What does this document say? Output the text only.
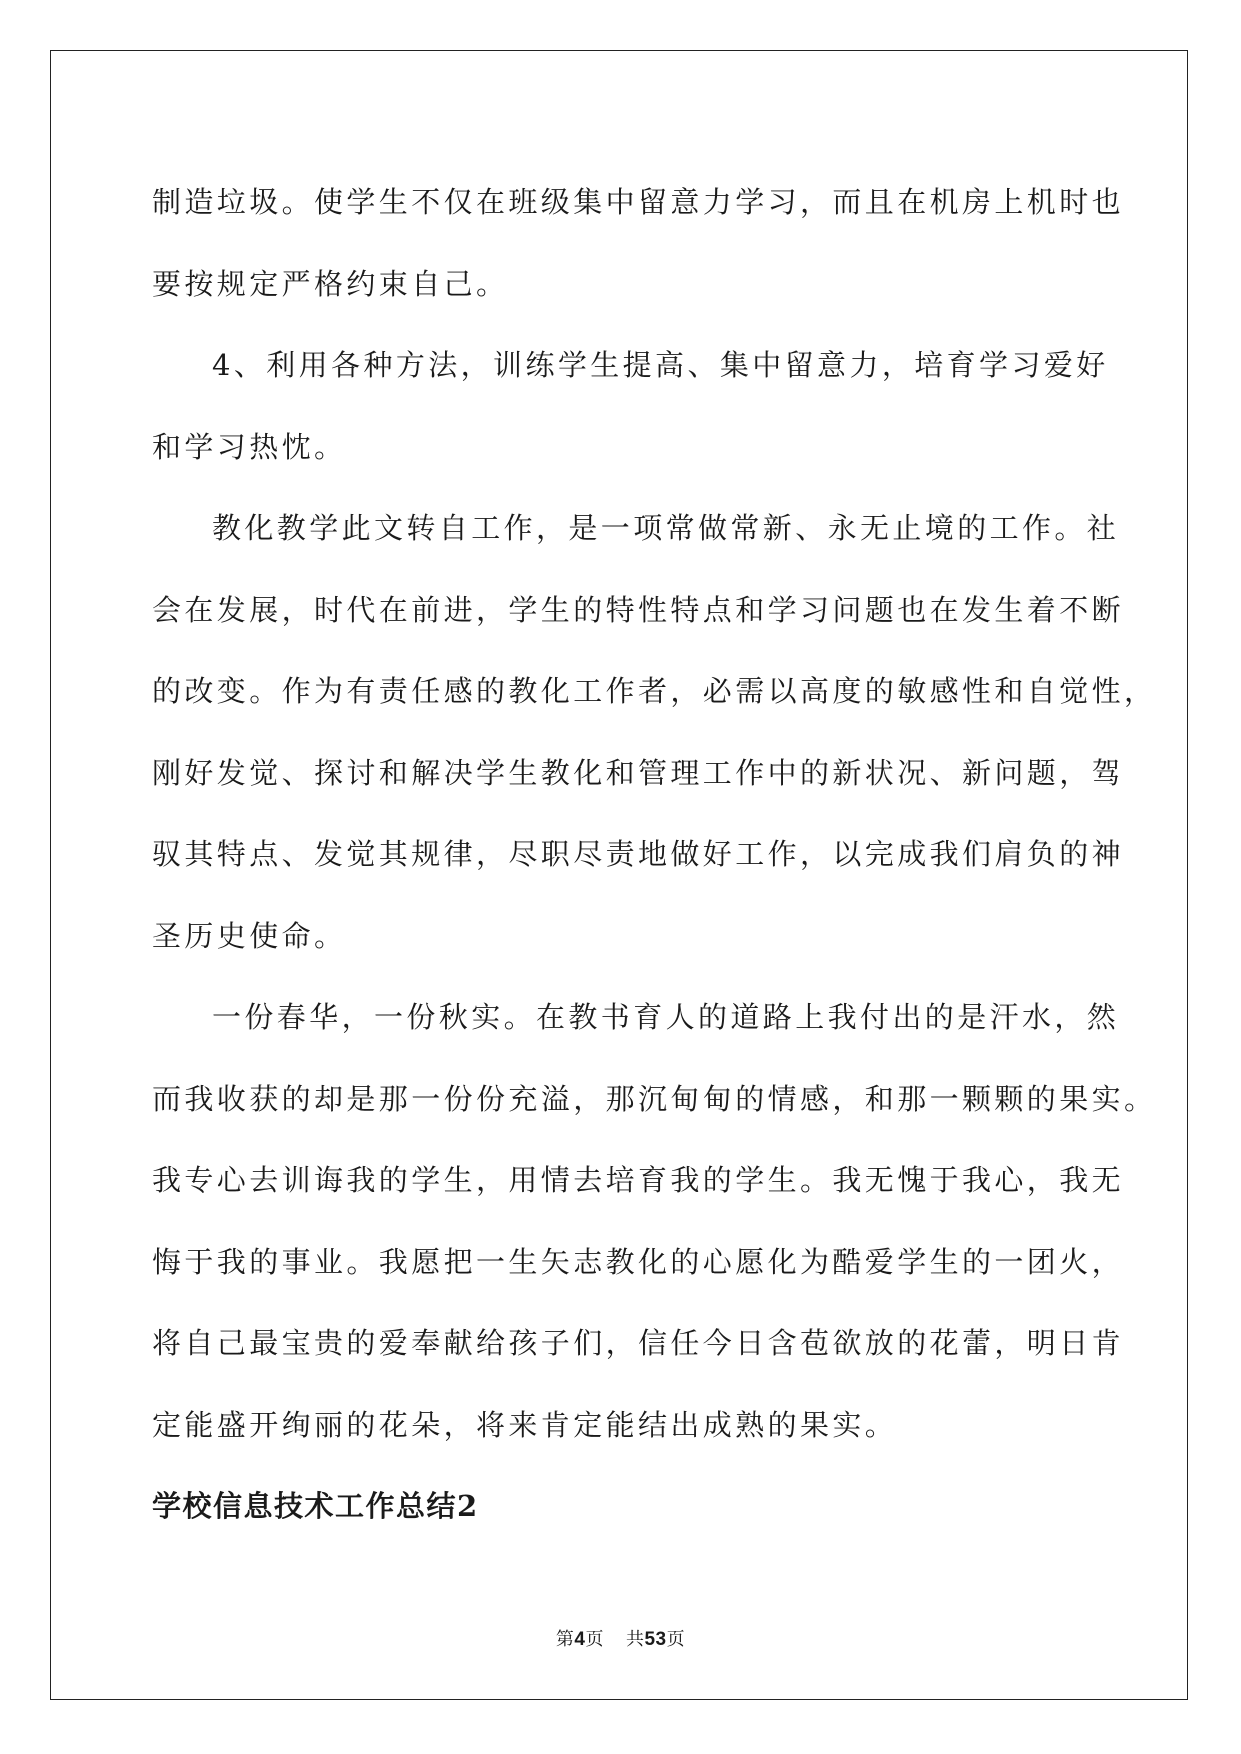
制造垃圾。使学生不仅在班级集中留意力学习，而且在机房上机时也
要按规定严格约束自己。
4、利用各种方法，训练学生提高、集中留意力，培育学习爱好
和学习热忱。
教化教学此文转自工作，是一项常做常新、永无止境的工作。社
会在发展，时代在前进，学生的特性特点和学习问题也在发生着不断
的改变。作为有责任感的教化工作者，必需以高度的敏感性和自觉性，
刚好发觉、探讨和解决学生教化和管理工作中的新状况、新问题，驾
驭其特点、发觉其规律，尽职尽责地做好工作，以完成我们肩负的神
圣历史使命。
一份春华，一份秋实。在教书育人的道路上我付出的是汗水，然
而我收获的却是那一份份充溢，那沉甸甸的情感，和那一颗颗的果实。
我专心去训诲我的学生，用情去培育我的学生。我无愧于我心，我无
悔于我的事业。我愿把一生矢志教化的心愿化为酷爱学生的一团火，
将自己最宝贵的爱奉献给孩子们，信任今日含苞欲放的花蕾，明日肯
定能盛开绚丽的花朵，将来肯定能结出成熟的果实。
学校信息技术工作总结2
第4页 共53页
